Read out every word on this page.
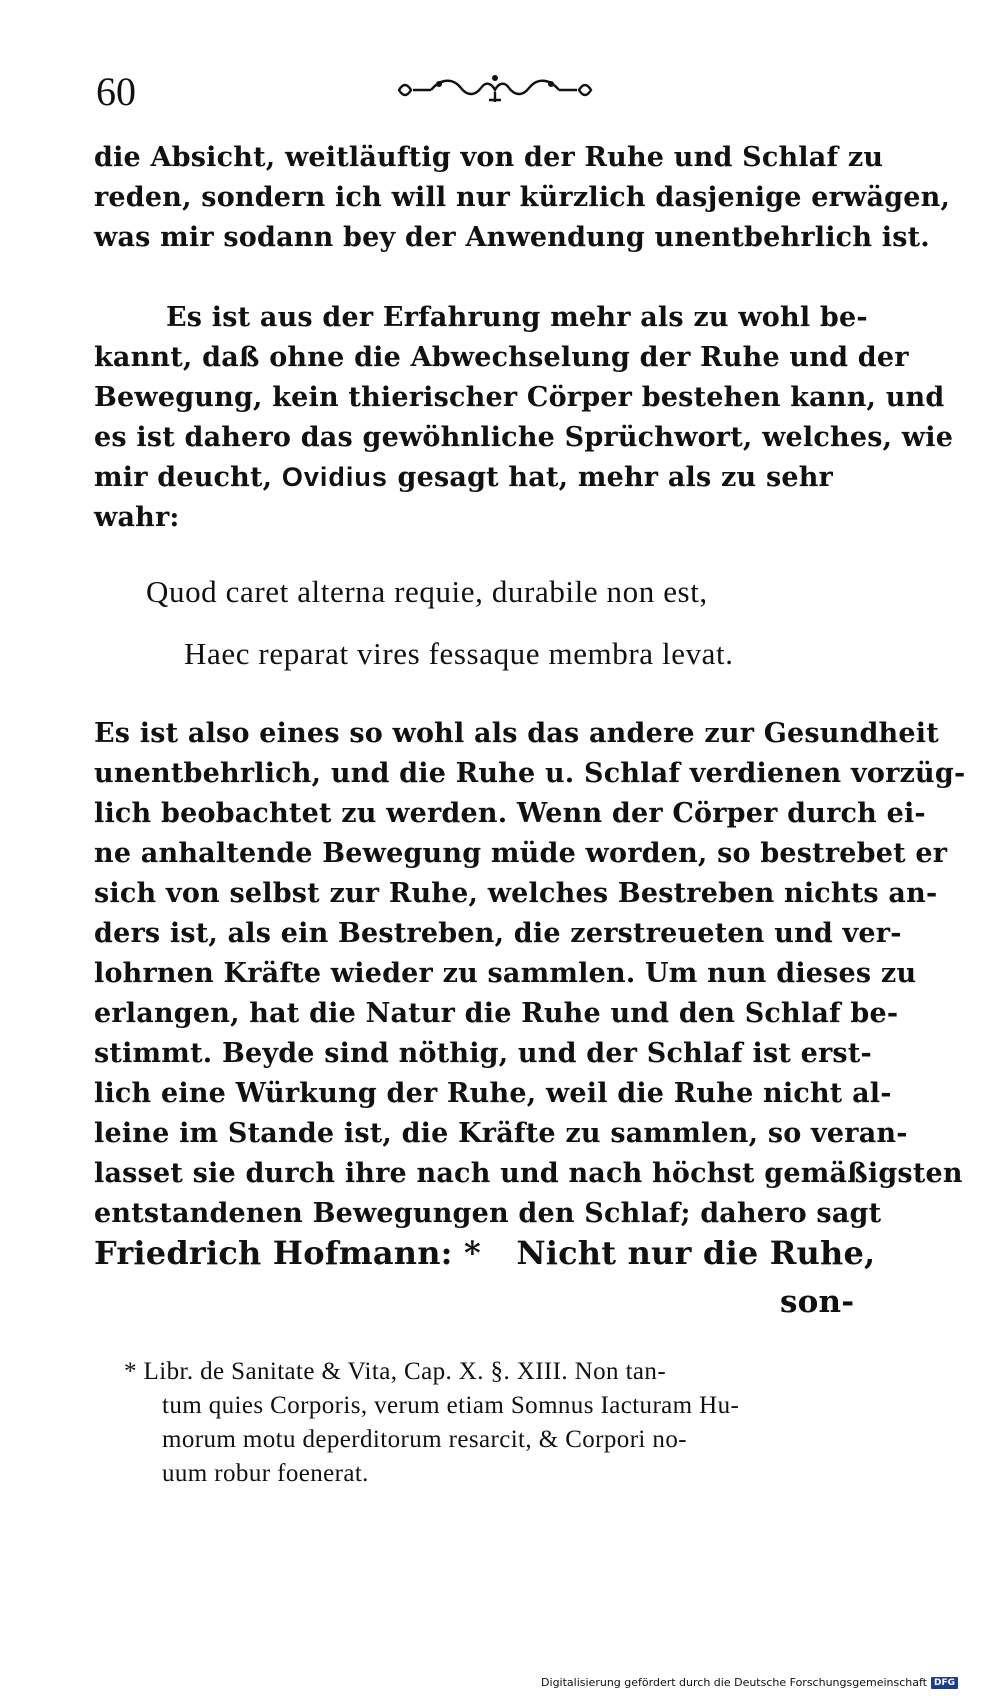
60
die Absicht, weitläuftig von der Ruhe und Schlaf zu
reden, sondern ich will nur kürzlich dasjenige erwägen,
was mir sodann bey der Anwendung unentbehrlich ist.
Es ist aus der Erfahrung mehr als zu wohl be-
kannt, daß ohne die Abwechselung der Ruhe und der
Bewegung, kein thierischer Cörper bestehen kann, und
es ist dahero das gewöhnliche Sprüchwort, welches, wie
mir deucht, Ovidius gesagt hat, mehr als zu sehr
wahr:
Quod caret alterna requie, durabile non est,
Haec reparat vires fessaque membra levat.
Es ist also eines so wohl als das andere zur Gesundheit
unentbehrlich, und die Ruhe u. Schlaf verdienen vorzüg-
lich beobachtet zu werden. Wenn der Cörper durch ei-
ne anhaltende Bewegung müde worden, so bestrebet er
sich von selbst zur Ruhe, welches Bestreben nichts an-
ders ist, als ein Bestreben, die zerstreueten und ver-
lohrnen Kräfte wieder zu sammlen. Um nun dieses zu
erlangen, hat die Natur die Ruhe und den Schlaf be-
stimmt. Beyde sind nöthig, und der Schlaf ist erst-
lich eine Würkung der Ruhe, weil die Ruhe nicht al-
leine im Stande ist, die Kräfte zu sammlen, so veran-
lasset sie durch ihre nach und nach höchst gemäßigsten
entstandenen Bewegungen den Schlaf; dahero sagt
Friedrich Hofmann: * Nicht nur die Ruhe,
son-
* Libr. de Sanitate & Vita, Cap. X. §. XIII. Non tan-
tum quies Corporis, verum etiam Somnus Iacturam Hu-
morum motu deperditorum resarcit, & Corpori no-
uum robur foenerat.
Digitalisierung gefördert durch die Deutsche Forschungsgemeinschaft DFG
